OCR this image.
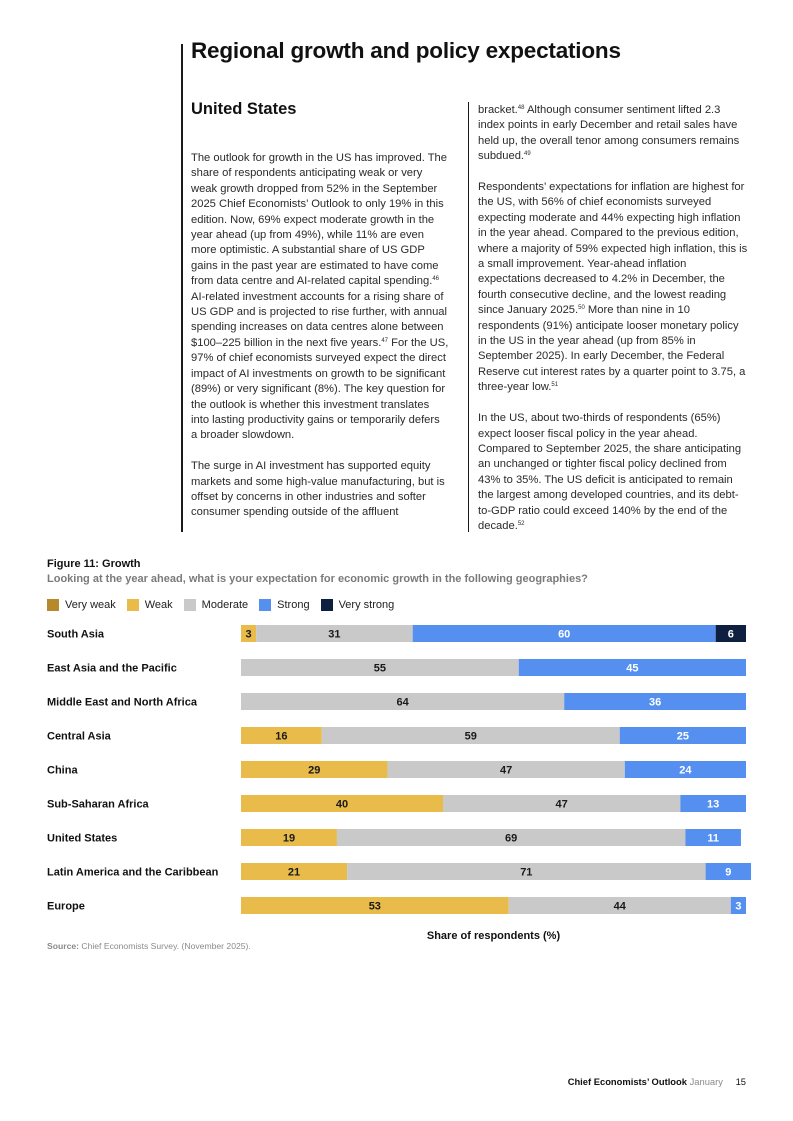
Regional growth and policy expectations
United States

The outlook for growth in the US has improved. The share of respondents anticipating weak or very weak growth dropped from 52% in the September 2025 Chief Economists’ Outlook to only 19% in this edition. Now, 69% expect moderate growth in the year ahead (up from 49%), while 11% are even more optimistic. A substantial share of US GDP gains in the past year are estimated to have come from data centre and AI-related capital spending.$^{46}$ AI-related investment accounts for a rising share of US GDP and is projected to rise further, with annual spending increases on data centres alone between $100–225 billion in the next five years.$^{47}$ For the US, 97% of chief economists surveyed expect the direct impact of AI investments on growth to be significant (89%) or very significant (8%). The key question for the outlook is whether this investment translates into lasting productivity gains or temporarily defers a broader slowdown.

The surge in AI investment has supported equity markets and some high-value manufacturing, but is offset by concerns in other industries and softer consumer spending outside of the affluent

bracket.$^{48}$ Although consumer sentiment lifted 2.3 index points in early December and retail sales have held up, the overall tenor among consumers remains subdued.$^{49}$

Respondents’ expectations for inflation are highest for the US, with 56% of chief economists surveyed expecting moderate and 44% expecting high inflation in the year ahead. Compared to the previous edition, where a majority of 59% expected high inflation, this is a small improvement. Year-ahead inflation expectations decreased to 4.2% in December, the fourth consecutive decline, and the lowest reading since January 2025.50 More than nine in 10 respondents (91%) anticipate looser monetary policy in the US in the year ahead (up from 85% in September 2025). In early December, the Federal Reserve cut interest rates by a quarter point to 3.75, a three-year low.$^{51}$

In the US, about two-thirds of respondents (65%) expect looser fiscal policy in the year ahead. Compared to September 2025, the share anticipating an unchanged or tighter fiscal policy declined from 43% to 35%. The US deficit is anticipated to remain the largest among developed countries, and its debt-to-GDP ratio could exceed 140% by the end of the decade.$^{52}$

Figure 11: Growth
Looking at the year ahead, what is your expectation for economic growth in the following geographies?
Very weak	Weak	Moderate	Strong	Very strong
South Asia	3	31	60	6
East Asia and the Pacific	55	45
Middle East and North Africa	64	36
Central Asia	16	59	25
China	29	47	24
Sub-Saharan Africa	40	47	13
United States	19	69	11
Latin America and the Caribbean	21	71	9
Europe	53	44	3
Share of respondents (%)
Source: Chief Economists Survey. (November 2025).
Chief Economists’ Outlook January 15
